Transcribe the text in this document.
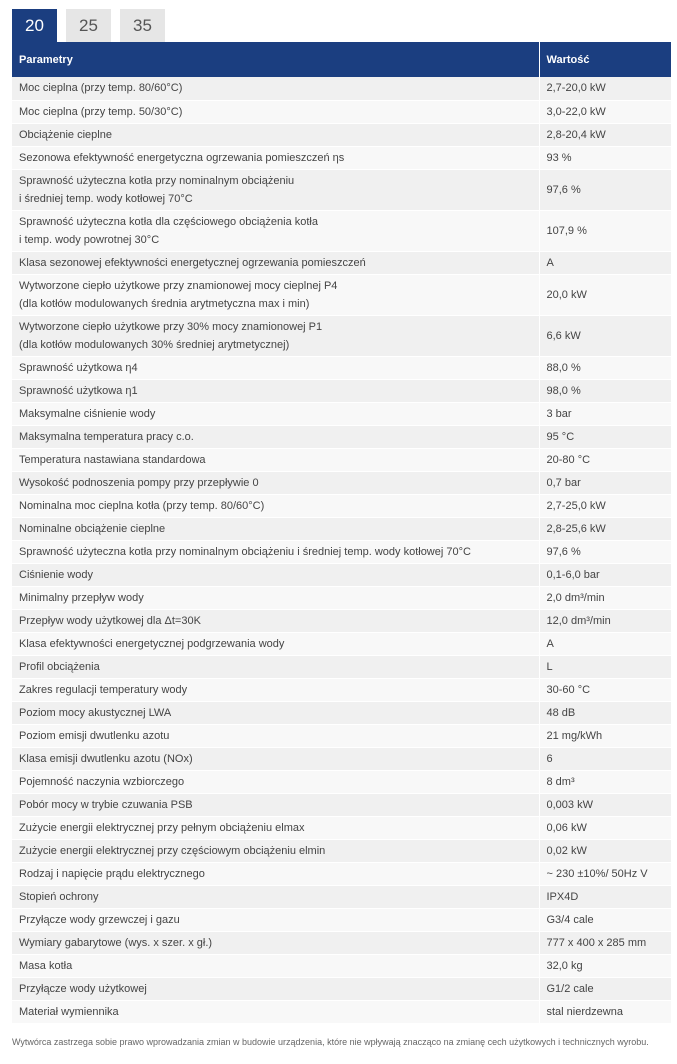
20	25	35
Parametry	Wartość
Moc cieplna (przy temp. 80/60°C)	2,7-20,0 kW
Moc cieplna (przy temp. 50/30°C)	3,0-22,0 kW
Obciążenie cieplne	2,8-20,4 kW
Sezonowa efektywność energetyczna ogrzewania pomieszczeń ηs	93 %
Sprawność użyteczna kotła przy nominalnym obciążeniu
i średniej temp. wody kotłowej 70°C	97,6 %
Sprawność użyteczna kotła dla częściowego obciążenia kotła
i temp. wody powrotnej 30°C	107,9 %
Klasa sezonowej efektywności energetycznej ogrzewania pomieszczeń	A
Wytworzone ciepło użytkowe przy znamionowej mocy cieplnej P4
(dla kotłów modulowanych średnia arytmetyczna max i min)	20,0 kW
Wytworzone ciepło użytkowe przy 30% mocy znamionowej P1
(dla kotłów modulowanych 30% średniej arytmetycznej)	6,6 kW
Sprawność użytkowa η4	88,0 %
Sprawność użytkowa η1	98,0 %
Maksymalne ciśnienie wody	3 bar
Maksymalna temperatura pracy c.o.	95 °C
Temperatura nastawiana standardowa	20-80 °C
Wysokość podnoszenia pompy przy przepływie 0	0,7 bar
Nominalna moc cieplna kotła (przy temp. 80/60°C)	2,7-25,0 kW
Nominalne obciążenie cieplne	2,8-25,6 kW
Sprawność użyteczna kotła przy nominalnym obciążeniu i średniej temp. wody kotłowej 70°C	97,6 %
Ciśnienie wody	0,1-6,0 bar
Minimalny przepływ wody	2,0 dm³/min
Przepływ wody użytkowej dla Δt=30K	12,0 dm³/min
Klasa efektywności energetycznej podgrzewania wody	A
Profil obciążenia	L
Zakres regulacji temperatury wody	30-60 °C
Poziom mocy akustycznej LWA	48 dB
Poziom emisji dwutlenku azotu	21 mg/kWh
Klasa emisji dwutlenku azotu (NOx)	6
Pojemność naczynia wzbiorczego	8 dm³
Pobór mocy w trybie czuwania PSB	0,003 kW
Zużycie energii elektrycznej przy pełnym obciążeniu elmax	0,06 kW
Zużycie energii elektrycznej przy częściowym obciążeniu elmin	0,02 kW
Rodzaj i napięcie prądu elektrycznego	~ 230 ±10%/ 50Hz V
Stopień ochrony	IPX4D
Przyłącze wody grzewczej i gazu	G3/4 cale
Wymiary gabarytowe (wys. x szer. x gł.)	777 x 400 x 285 mm
Masa kotła	32,0 kg
Przyłącze wody użytkowej	G1/2 cale
Materiał wymiennika	stal nierdzewna
Wytwórca zastrzega sobie prawo wprowadzania zmian w budowie urządzenia, które nie wpływają znacząco na zmianę cech użytkowych i technicznych wyrobu.
